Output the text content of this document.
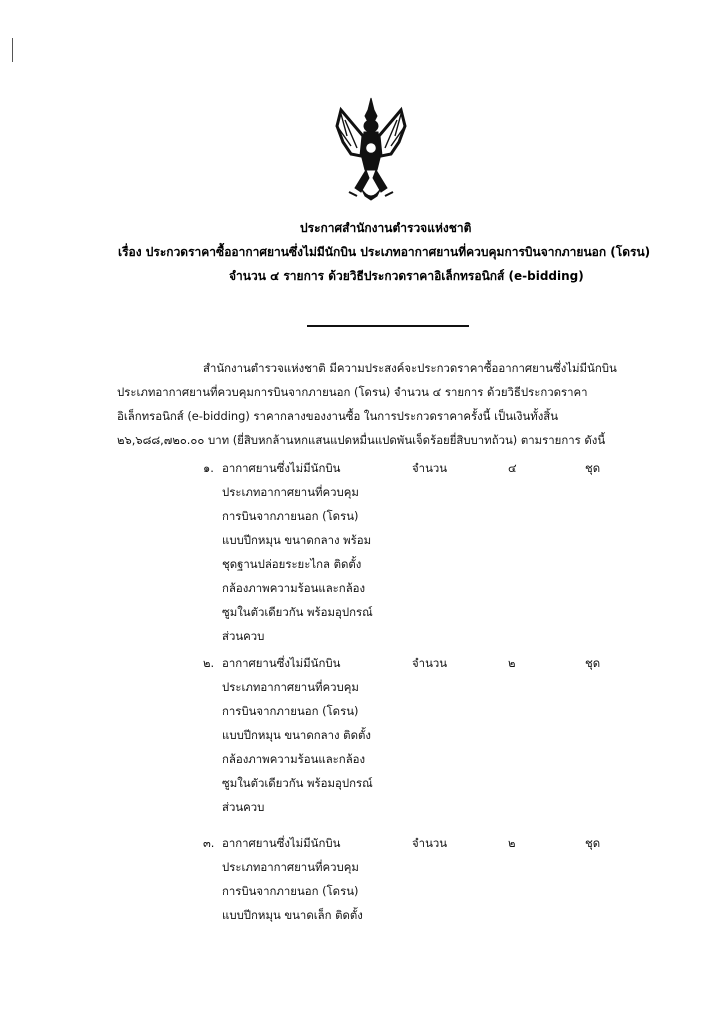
ประกาศสำนักงานตำรวจแห่งชาติ
เรื่อง ประกวดราคาซื้ออากาศยานซึ่งไม่มีนักบิน ประเภทอากาศยานที่ควบคุมการบินจากภายนอก (โดรน)
จำนวน ๔ รายการ ด้วยวิธีประกวดราคาอิเล็กทรอนิกส์ (e-bidding)
สำนักงานตำรวจแห่งชาติ มีความประสงค์จะประกวดราคาซื้ออากาศยานซึ่งไม่มีนักบิน
ประเภทอากาศยานที่ควบคุมการบินจากภายนอก (โดรน) จำนวน ๔ รายการ ด้วยวิธีประกวดราคา
อิเล็กทรอนิกส์ (e-bidding) ราคากลางของงานซื้อ ในการประกวดราคาครั้งนี้ เป็นเงินทั้งสิ้น
๒๖,๖๘๘,๗๒๐.๐๐ บาท (ยี่สิบหกล้านหกแสนแปดหมื่นแปดพันเจ็ดร้อยยี่สิบบาทถ้วน) ตามรายการ ดังนี้
๑. อากาศยานซึ่งไม่มีนักบิน
ประเภทอากาศยานที่ควบคุม
การบินจากภายนอก (โดรน)
แบบปีกหมุน ขนาดกลาง พร้อม
ชุดฐานปล่อยระยะไกล ติดตั้ง
กล้องภาพความร้อนและกล้อง
ซูมในตัวเดียวกัน พร้อมอุปกรณ์
ส่วนควบ
จำนวน	๔	ชุด
๒. อากาศยานซึ่งไม่มีนักบิน
ประเภทอากาศยานที่ควบคุม
การบินจากภายนอก (โดรน)
แบบปีกหมุน ขนาดกลาง ติดตั้ง
กล้องภาพความร้อนและกล้อง
ซูมในตัวเดียวกัน พร้อมอุปกรณ์
ส่วนควบ
จำนวน	๒	ชุด
๓. อากาศยานซึ่งไม่มีนักบิน
ประเภทอากาศยานที่ควบคุม
การบินจากภายนอก (โดรน)
แบบปีกหมุน ขนาดเล็ก ติดตั้ง
จำนวน	๒	ชุด
